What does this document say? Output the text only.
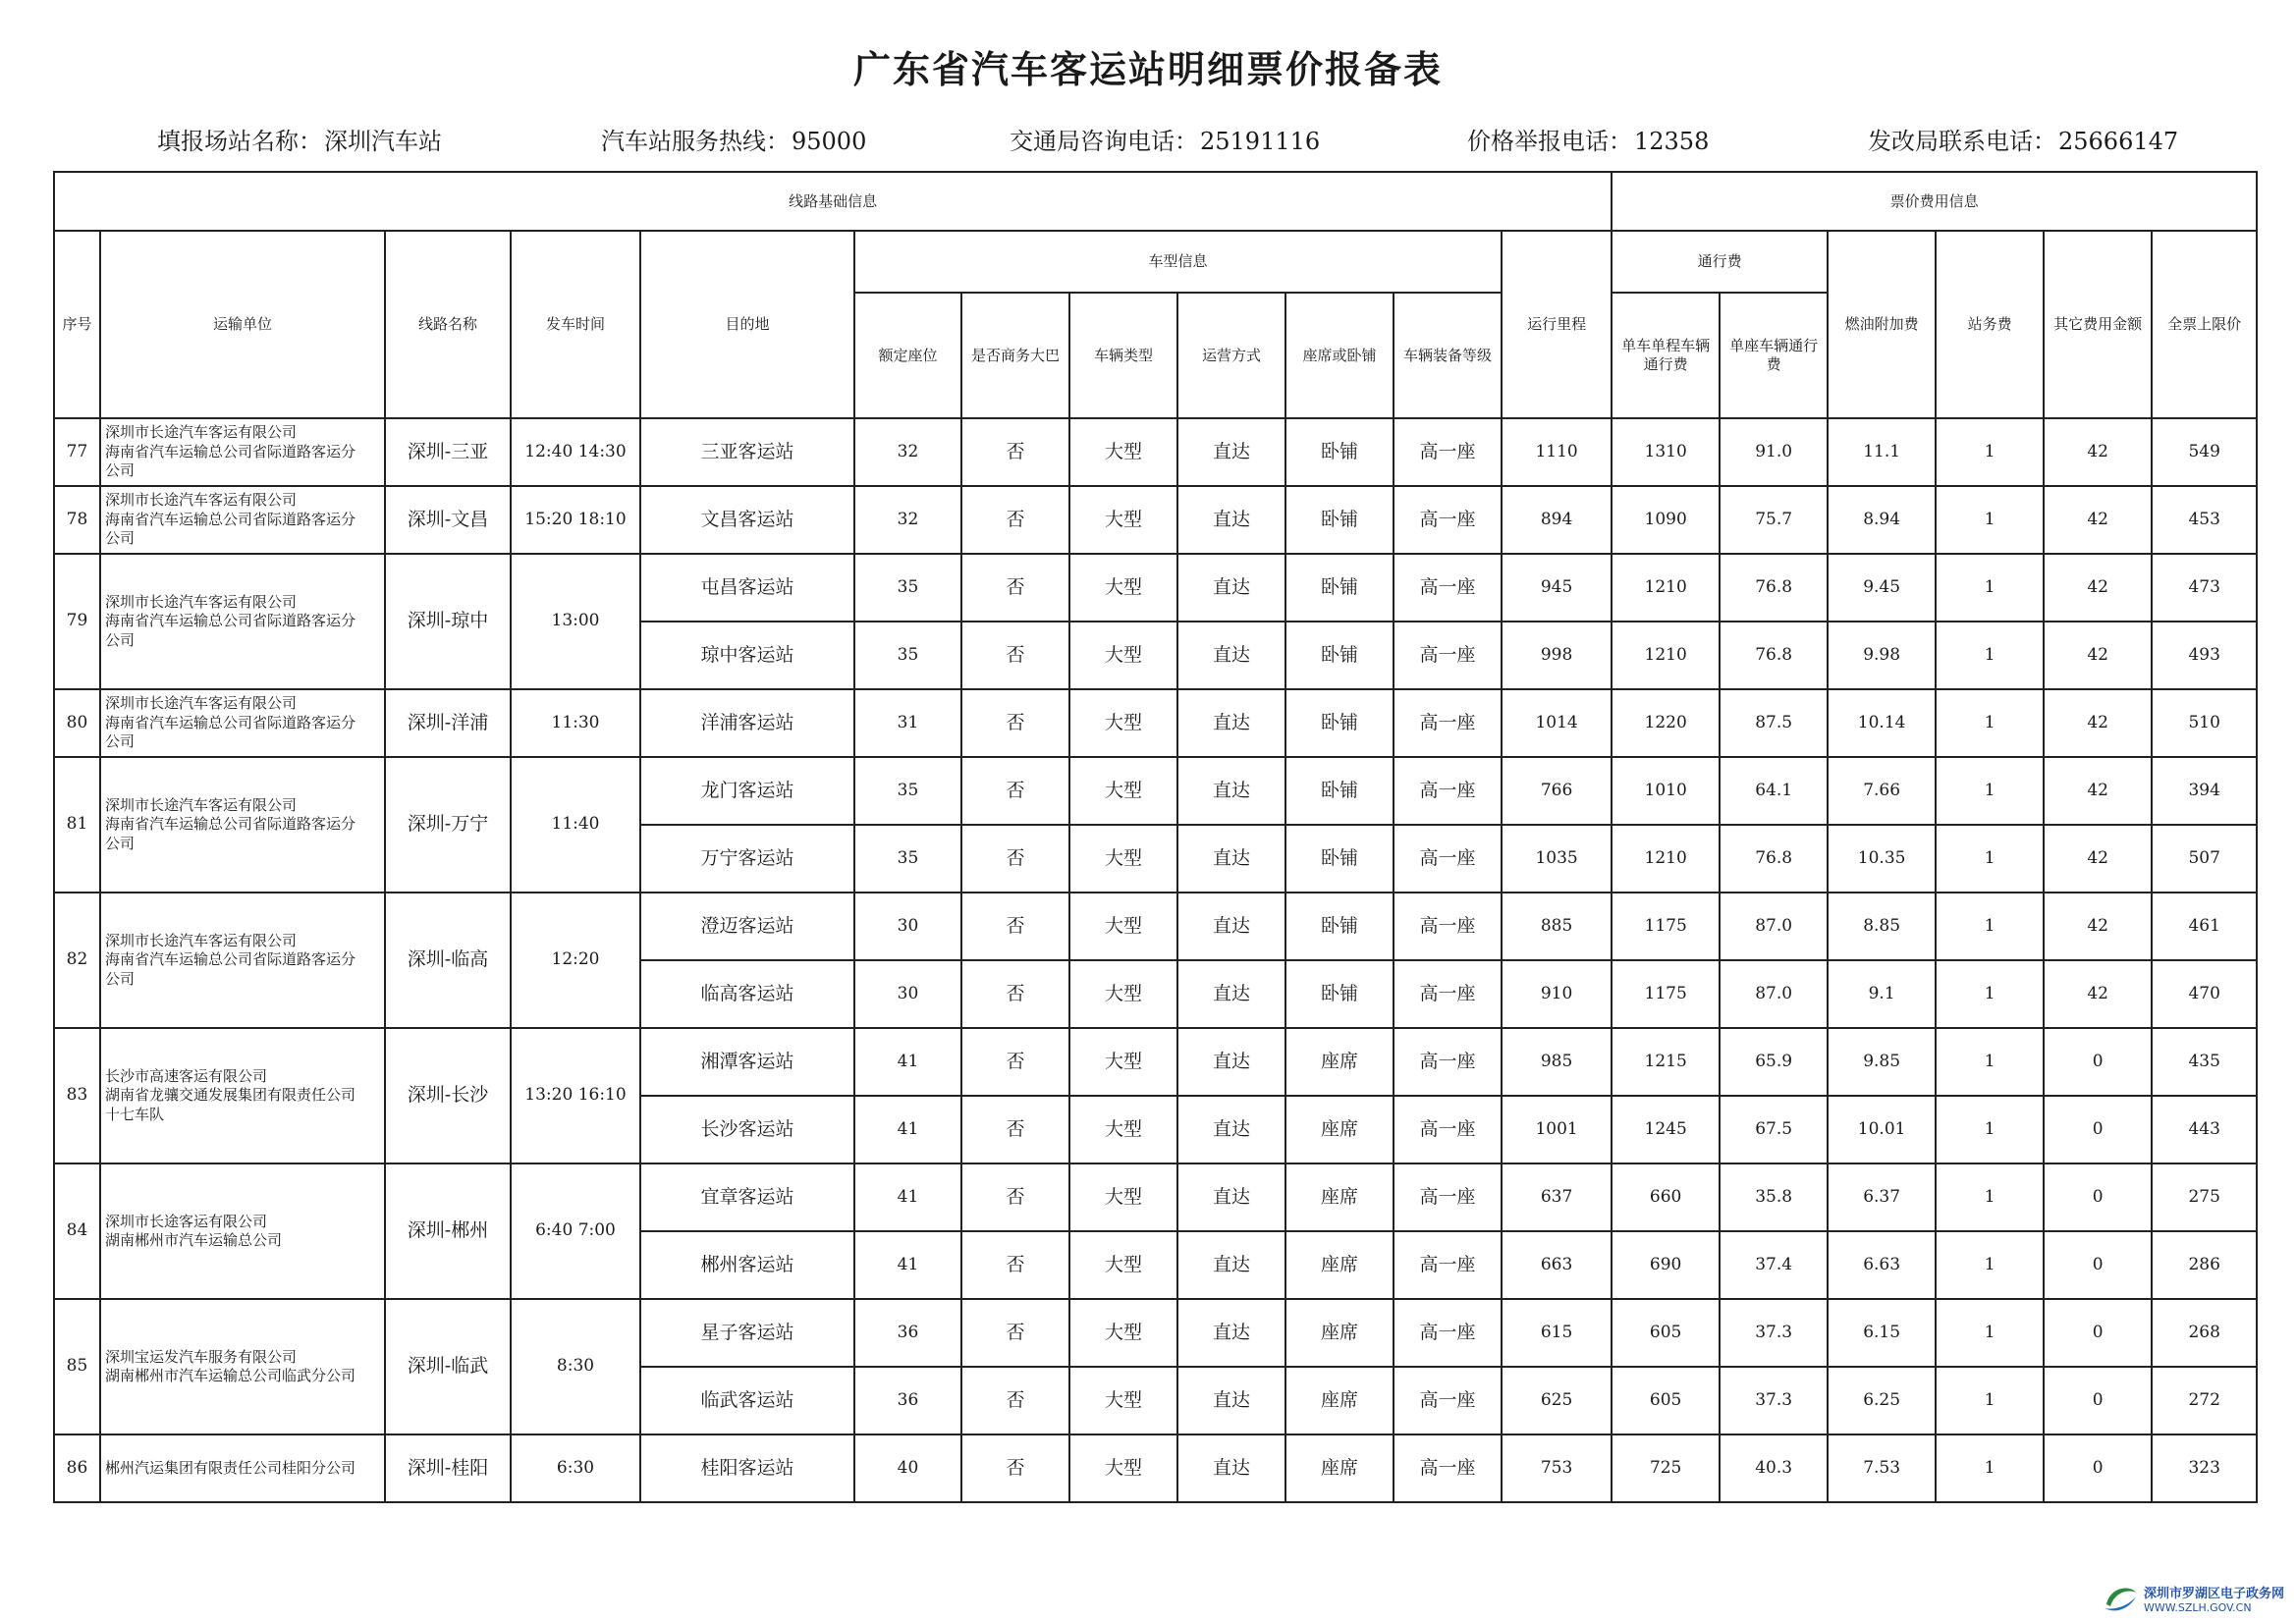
广东省汽车客运站明细票价报备表
填报场站名称：深圳汽车站	汽车站服务热线：95000	交通局咨询电话：25191116	价格举报电话：12358	发改局联系电话：25666147
线路基础信息												票价费用信息					
序号	运输单位	线路名称	发车时间	目的地	车型信息						运行里程	通行费		燃油附加费	站务费	其它费用金额	全票上限价
					额定座位	是否商务大巴	车辆类型	运营方式	座席或卧铺	车辆装备等级		单车单程车辆通行费	单座车辆通行费				
77	深圳市长途汽车客运有限公司
海南省汽车运输总公司省际道路客运分
公司	深圳-三亚	12:40 14:30	三亚客运站	32	否	大型	直达	卧铺	高一座	1110	1310	91.0	11.1	1	42	549
78	深圳市长途汽车客运有限公司
海南省汽车运输总公司省际道路客运分
公司	深圳-文昌	15:20 18:10	文昌客运站	32	否	大型	直达	卧铺	高一座	894	1090	75.7	8.94	1	42	453
79	深圳市长途汽车客运有限公司
海南省汽车运输总公司省际道路客运分
公司	深圳-琼中	13:00	屯昌客运站	35	否	大型	直达	卧铺	高一座	945	1210	76.8	9.45	1	42	473
				琼中客运站	35	否	大型	直达	卧铺	高一座	998	1210	76.8	9.98	1	42	493
80	深圳市长途汽车客运有限公司
海南省汽车运输总公司省际道路客运分
公司	深圳-洋浦	11:30	洋浦客运站	31	否	大型	直达	卧铺	高一座	1014	1220	87.5	10.14	1	42	510
81	深圳市长途汽车客运有限公司
海南省汽车运输总公司省际道路客运分
公司	深圳-万宁	11:40	龙门客运站	35	否	大型	直达	卧铺	高一座	766	1010	64.1	7.66	1	42	394
				万宁客运站	35	否	大型	直达	卧铺	高一座	1035	1210	76.8	10.35	1	42	507
82	深圳市长途汽车客运有限公司
海南省汽车运输总公司省际道路客运分
公司	深圳-临高	12:20	澄迈客运站	30	否	大型	直达	卧铺	高一座	885	1175	87.0	8.85	1	42	461
				临高客运站	30	否	大型	直达	卧铺	高一座	910	1175	87.0	9.1	1	42	470
83	长沙市高速客运有限公司
湖南省龙骧交通发展集团有限责任公司
十七车队	深圳-长沙	13:20 16:10	湘潭客运站	41	否	大型	直达	座席	高一座	985	1215	65.9	9.85	1	0	435
				长沙客运站	41	否	大型	直达	座席	高一座	1001	1245	67.5	10.01	1	0	443
84	深圳市长途客运有限公司
湖南郴州市汽车运输总公司	深圳-郴州	6:40 7:00	宜章客运站	41	否	大型	直达	座席	高一座	637	660	35.8	6.37	1	0	275
				郴州客运站	41	否	大型	直达	座席	高一座	663	690	37.4	6.63	1	0	286
85	深圳宝运发汽车服务有限公司
湖南郴州市汽车运输总公司临武分公司	深圳-临武	8:30	星子客运站	36	否	大型	直达	座席	高一座	615	605	37.3	6.15	1	0	268
				临武客运站	36	否	大型	直达	座席	高一座	625	605	37.3	6.25	1	0	272
86	郴州汽运集团有限责任公司桂阳分公司	深圳-桂阳	6:30	桂阳客运站	40	否	大型	直达	座席	高一座	753	725	40.3	7.53	1	0	323
深圳市罗湖区电子政务网
WWW.SZLH.GOV.CN
